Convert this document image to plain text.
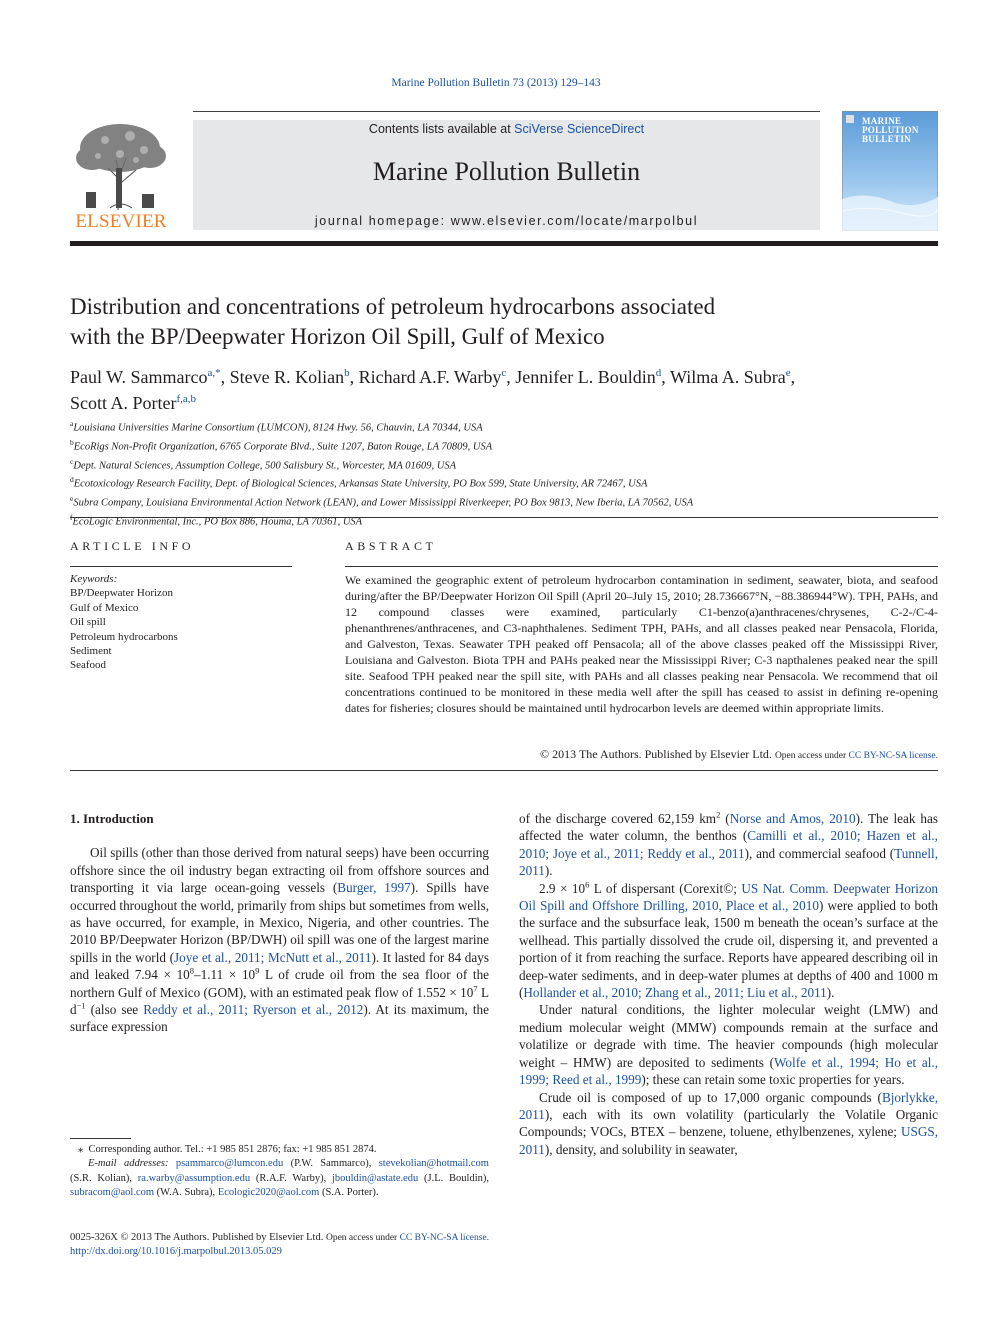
Marine Pollution Bulletin 73 (2013) 129–143
ELSEVIER
Contents lists available at SciVerse ScienceDirect
Marine Pollution Bulletin
journal homepage: www.elsevier.com/locate/marpolbul
MARINE
POLLUTION
BULLETIN
Distribution and concentrations of petroleum hydrocarbons associated
with the BP/Deepwater Horizon Oil Spill, Gulf of Mexico
Paul W. Sammarco$^{a,*}$, Steve R. Kolian$^b$, Richard A.F. Warby$^c$, Jennifer L. Bouldin$^d$, Wilma A. Subra$^e$,
Scott A. Porter$^{f,a,b}$
$^a$Louisiana Universities Marine Consortium (LUMCON), 8124 Hwy. 56, Chauvin, LA 70344, USA
$^b$EcoRigs Non-Profit Organization, 6765 Corporate Blvd., Suite 1207, Baton Rouge, LA 70809, USA
$^c$Dept. Natural Sciences, Assumption College, 500 Salisbury St., Worcester, MA 01609, USA
$^d$Ecotoxicology Research Facility, Dept. of Biological Sciences, Arkansas State University, PO Box 599, State University, AR 72467, USA
$^e$Subra Company, Louisiana Environmental Action Network (LEAN), and Lower Mississippi Riverkeeper, PO Box 9813, New Iberia, LA 70562, USA
$^f$EcoLogic Environmental, Inc., PO Box 886, Houma, LA 70361, USA
ARTICLE INFO
Keywords:
BP/Deepwater Horizon
Gulf of Mexico
Oil spill
Petroleum hydrocarbons
Sediment
Seafood
ABSTRACT
We examined the geographic extent of petroleum hydrocarbon contamination in sediment, seawater, biota, and seafood during/after the BP/Deepwater Horizon Oil Spill (April 20–July 15, 2010; 28.736667°N, −88.386944°W). TPH, PAHs, and 12 compound classes were examined, particularly C1-benzo(a)anthracenes/chrysenes, C-2-/C-4-phenanthrenes/anthracenes, and C3-naphthalenes. Sediment TPH, PAHs, and all classes peaked near Pensacola, Florida, and Galveston, Texas. Seawater TPH peaked off Pensacola; all of the above classes peaked off the Mississippi River, Louisiana and Galveston. Biota TPH and PAHs peaked near the Mississippi River; C-3 napthalenes peaked near the spill site. Seafood TPH peaked near the spill site, with PAHs and all classes peaking near Pensacola. We recommend that oil concentrations continued to be monitored in these media well after the spill has ceased to assist in defining re-opening dates for fisheries; closures should be maintained until hydrocarbon levels are deemed within appropriate limits.
© 2013 The Authors. Published by Elsevier Ltd. Open access under CC BY-NC-SA license.

1. Introduction

Oil spills (other than those derived from natural seeps) have been occurring offshore since the oil industry began extracting oil from offshore sources and transporting it via large ocean-going vessels (Burger, 1997). Spills have occurred throughout the world, primarily from ships but sometimes from wells, as have occurred, for example, in Mexico, Nigeria, and other countries. The 2010 BP/Deepwater Horizon (BP/DWH) oil spill was one of the largest marine spills in the world (Joye et al., 2011; McNutt et al., 2011). It lasted for 84 days and leaked $7.94 \times 10^8-1.11 \times 10^9$ L of crude oil from the sea floor of the northern Gulf of Mexico (GOM), with an estimated peak flow of $1.552 \times 10^7$ L $d^{-1}$ (also see Reddy et al., 2011; Ryerson et al., 2012). At its maximum, the surface expression

of the discharge covered 62,159 $km^2$ (Norse and Amos, 2010). The leak has affected the water column, the benthos (Camilli et al., 2010; Hazen et al., 2010; Joye et al., 2011; Reddy et al., 2011), and commercial seafood (Tunnell, 2011).

$2.9 \times 10^6$ L of dispersant (Corexit©; US Nat. Comm. Deepwater Horizon Oil Spill and Offshore Drilling, 2010, Place et al., 2010) were applied to both the surface and the subsurface leak, 1500 m beneath the ocean’s surface at the wellhead. This partially dissolved the crude oil, dispersing it, and prevented a portion of it from reaching the surface. Reports have appeared describing oil in deep-water sediments, and in deep-water plumes at depths of 400 and 1000 m (Hollander et al., 2010; Zhang et al., 2011; Liu et al., 2011).

Under natural conditions, the lighter molecular weight (LMW) and medium molecular weight (MMW) compounds remain at the surface and volatilize or degrade with time. The heavier compounds (high molecular weight – HMW) are deposited to sediments (Wolfe et al., 1994; Ho et al., 1999; Reed et al., 1999); these can retain some toxic properties for years.

Crude oil is composed of up to 17,000 organic compounds (Bjorlykke, 2011), each with its own volatility (particularly the Volatile Organic Compounds; VOCs, BTEX – benzene, toluene, ethylbenzenes, xylene; USGS, 2011), density, and solubility in seawater,

⁎  Corresponding author. Tel.: +1 985 851 2876; fax: +1 985 851 2874.
E-mail addresses: psammarco@lumcon.edu (P.W. Sammarco), stevekolian@hotmail.com (S.R. Kolian), ra.warby@assumption.edu (R.A.F. Warby), jbouldin@astate.edu (J.L. Bouldin), subracom@aol.com (W.A. Subra), Ecologic2020@aol.com (S.A. Porter).
0025-326X © 2013 The Authors. Published by Elsevier Ltd. Open access under CC BY-NC-SA license.
http://dx.doi.org/10.1016/j.marpolbul.2013.05.029
